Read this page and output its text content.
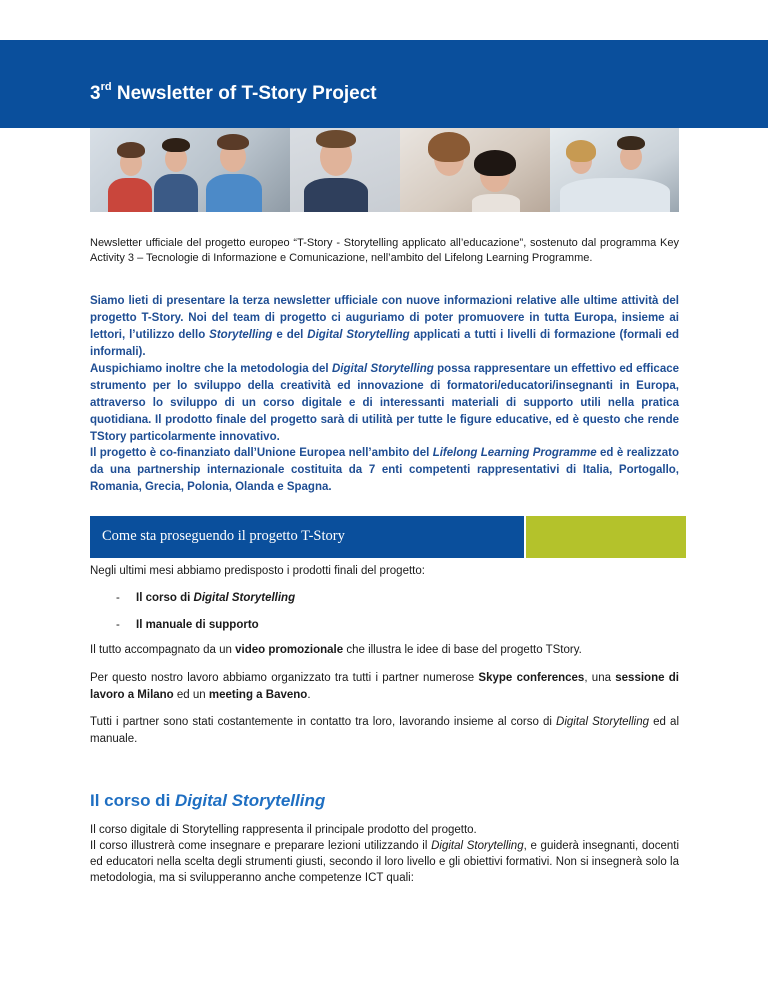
3rd Newsletter of T-Story Project

Newsletter ufficiale del progetto europeo “T-Story - Storytelling applicato all’educazione”, sostenuto dal programma Key Activity 3 – Tecnologie di Informazione e Comunicazione, nell’ambito del Lifelong Learning Programme.

Siamo lieti di presentare la terza newsletter ufficiale con nuove informazioni relative alle ultime attività del progetto T-Story. Noi del team di progetto ci auguriamo di poter promuovere in tutta Europa, insieme ai lettori, l’utilizzo dello Storytelling e del Digital Storytelling applicati a tutti i livelli di formazione (formali ed informali).
Auspichiamo inoltre che la metodologia del Digital Storytelling possa rappresentare un effettivo ed efficace strumento per lo sviluppo della creatività ed innovazione di formatori/educatori/insegnanti in Europa, attraverso lo sviluppo di un corso digitale e di interessanti materiali di supporto utili nella pratica quotidiana. Il prodotto finale del progetto sarà di utilità per tutte le figure educative, ed è questo che rende TStory particolarmente innovativo.

Il progetto è co-finanziato dall’Unione Europea nell’ambito del Lifelong Learning Programme ed è realizzato da una partnership internazionale costituita da 7 enti competenti rappresentativi di Italia, Portogallo, Romania, Grecia, Polonia, Olanda e Spagna.

Come sta proseguendo il progetto T-Story

Negli ultimi mesi abbiamo predisposto i prodotti finali del progetto:

- Il corso di Digital Storytelling
- Il manuale di supporto

Il tutto accompagnato da un video promozionale che illustra le idee di base del progetto TStory.

Per questo nostro lavoro abbiamo organizzato tra tutti i partner numerose Skype conferences, una sessione di lavoro a Milano ed un meeting a Baveno.

Tutti i partner sono stati costantemente in contatto tra loro, lavorando insieme al corso di Digital Storytelling ed al manuale.

Il corso di Digital Storytelling

Il corso digitale di Storytelling rappresenta il principale prodotto del progetto.
Il corso illustrerà come insegnare e preparare lezioni utilizzando il Digital Storytelling, e guiderà insegnanti, docenti ed educatori nella scelta degli strumenti giusti, secondo il loro livello e gli obiettivi formativi. Non si insegnerà solo la metodologia, ma si svilupperanno anche competenze ICT quali:
